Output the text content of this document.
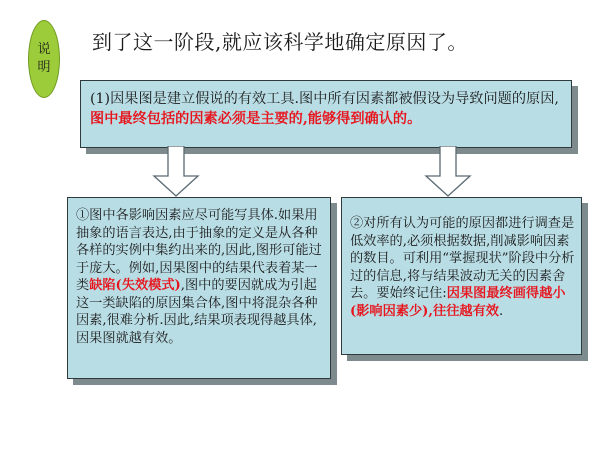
说
明
到了这一阶段,就应该科学地确定原因了。
(1)因果图是建立假说的有效工具.图中所有因素都被假设为导致问题的原因,图中最终包括的因素必须是主要的,能够得到确认的。
①图中各影响因素应尽可能写具体.如果用抽象的语言表达,由于抽象的定义是从各种各样的实例中集约出来的,因此,图形可能过于庞大。例如,因果图中的结果代表着某一类缺陷(失效模式),图中的要因就成为引起这一类缺陷的原因集合体,图中将混杂各种因素,很难分析.因此,结果项表现得越具体,因果图就越有效。
②对所有认为可能的原因都进行调查是低效率的,必须根据数据,削减影响因素的数目。可利用“掌握现状”阶段中分析过的信息,将与结果波动无关的因素舍去。要始终记住:因果图最终画得越小(影响因素少),往往越有效.
